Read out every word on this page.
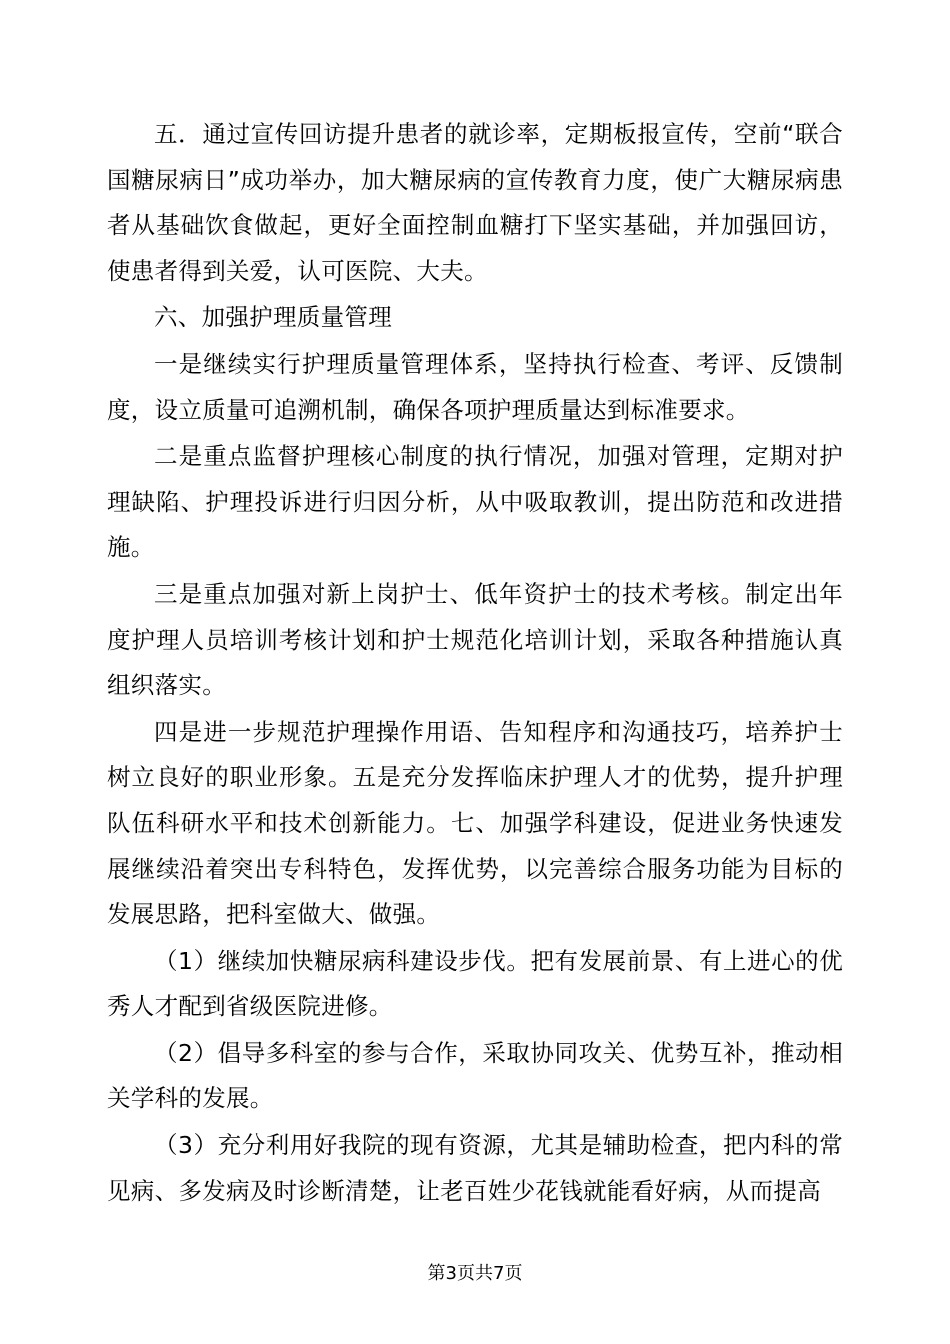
五．通过宣传回访提升患者的就诊率，定期板报宣传，空前“联合国糖尿病日”成功举办，加大糖尿病的宣传教育力度，使广大糖尿病患者从基础饮食做起，更好全面控制血糖打下坚实基础，并加强回访，使患者得到关爱，认可医院、大夫。

六、加强护理质量管理

一是继续实行护理质量管理体系，坚持执行检查、考评、反馈制度，设立质量可追溯机制，确保各项护理质量达到标准要求。

二是重点监督护理核心制度的执行情况，加强对管理，定期对护理缺陷、护理投诉进行归因分析，从中吸取教训，提出防范和改进措施。

三是重点加强对新上岗护士、低年资护士的技术考核。制定出年度护理人员培训考核计划和护士规范化培训计划，采取各种措施认真组织落实。

四是进一步规范护理操作用语、告知程序和沟通技巧，培养护士树立良好的职业形象。五是充分发挥临床护理人才的优势，提升护理队伍科研水平和技术创新能力。七、加强学科建设，促进业务快速发展继续沿着突出专科特色，发挥优势，以完善综合服务功能为目标的发展思路，把科室做大、做强。

（1）继续加快糖尿病科建设步伐。把有发展前景、有上进心的优秀人才配到省级医院进修。

（2）倡导多科室的参与合作，采取协同攻关、优势互补，推动相关学科的发展。

（3）充分利用好我院的现有资源，尤其是辅助检查，把内科的常见病、多发病及时诊断清楚，让老百姓少花钱就能看好病，从而提高

第3页共7页
